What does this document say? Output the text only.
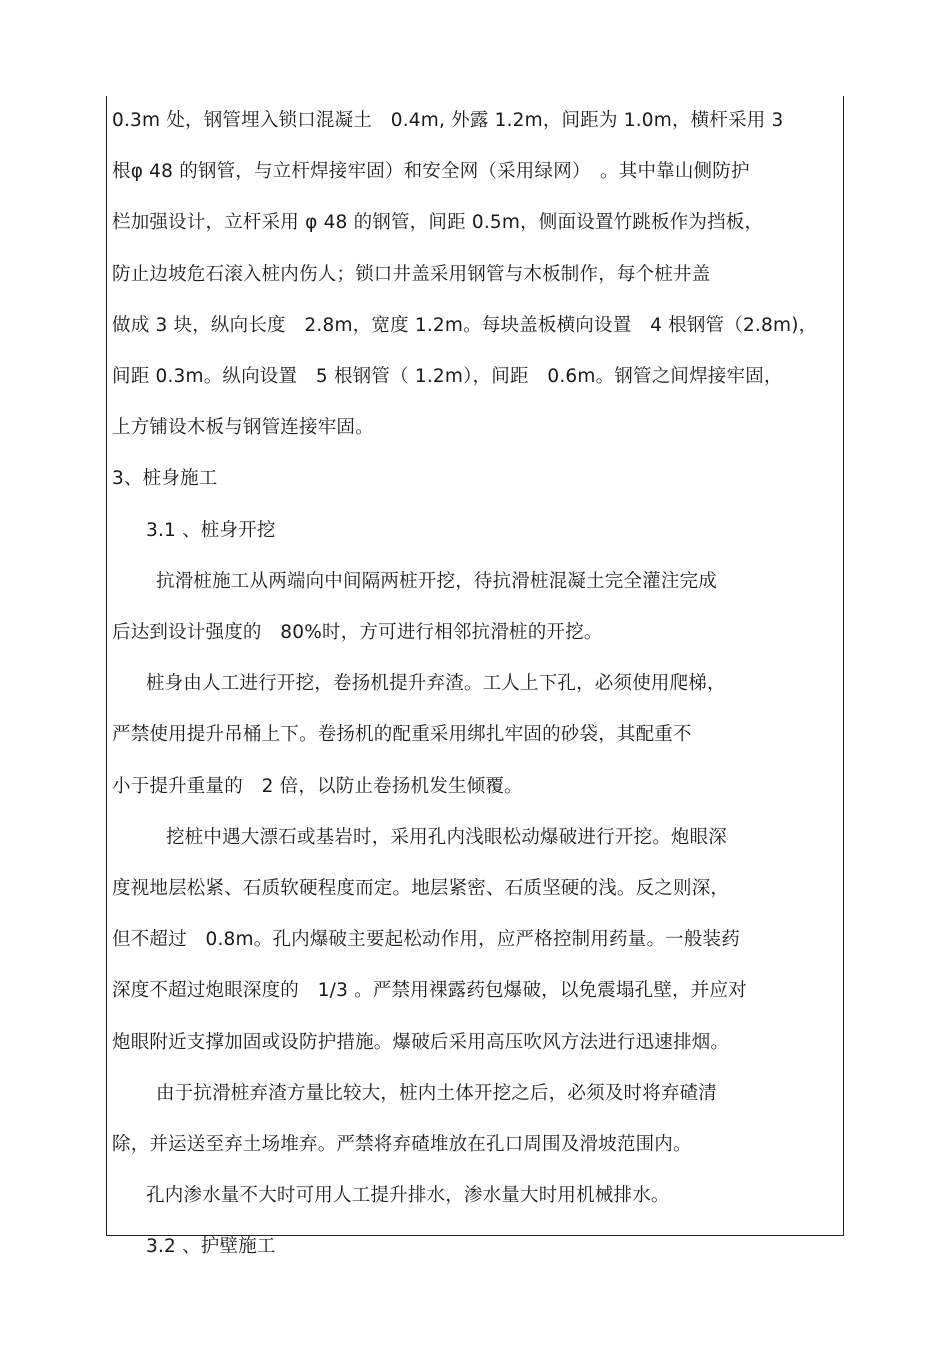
0.3m 处，钢管埋入锁口混凝土　0.4m, 外露 1.2m，间距为 1.0m，横杆采用 3
根φ 48 的钢管，与立杆焊接牢固）和安全网（采用绿网）　。其中靠山侧防护
栏加强设计，立杆采用 φ 48 的钢管，间距 0.5m，侧面设置竹跳板作为挡板，
防止边坡危石滚入桩内伤人；锁口井盖采用钢管与木板制作，每个桩井盖
做成 3 块，纵向长度　2.8m，宽度 1.2m。每块盖板横向设置　4 根钢管（2.8m)，
间距 0.3m。纵向设置　5 根钢管（ 1.2m），间距　0.6m。钢管之间焊接牢固，
上方铺设木板与钢管连接牢固。
3、桩身施工
3.1 、桩身开挖
抗滑桩施工从两端向中间隔两桩开挖，待抗滑桩混凝土完全灌注完成
后达到设计强度的　80%时，方可进行相邻抗滑桩的开挖。
桩身由人工进行开挖，卷扬机提升弃渣。工人上下孔，必须使用爬梯，
严禁使用提升吊桶上下。卷扬机的配重采用绑扎牢固的砂袋，其配重不
小于提升重量的　2 倍，以防止卷扬机发生倾覆。
挖桩中遇大漂石或基岩时，采用孔内浅眼松动爆破进行开挖。炮眼深
度视地层松紧、石质软硬程度而定。地层紧密、石质坚硬的浅。反之则深，
但不超过　0.8m。孔内爆破主要起松动作用，应严格控制用药量。一般装药
深度不超过炮眼深度的　1/3 。严禁用裸露药包爆破，以免震塌孔壁，并应对
炮眼附近支撑加固或设防护措施。爆破后采用高压吹风方法进行迅速排烟。
由于抗滑桩弃渣方量比较大，桩内土体开挖之后，必须及时将弃碴清
除，并运送至弃土场堆弃。严禁将弃碴堆放在孔口周围及滑坡范围内。
孔内渗水量不大时可用人工提升排水，渗水量大时用机械排水。
3.2 、护壁施工
